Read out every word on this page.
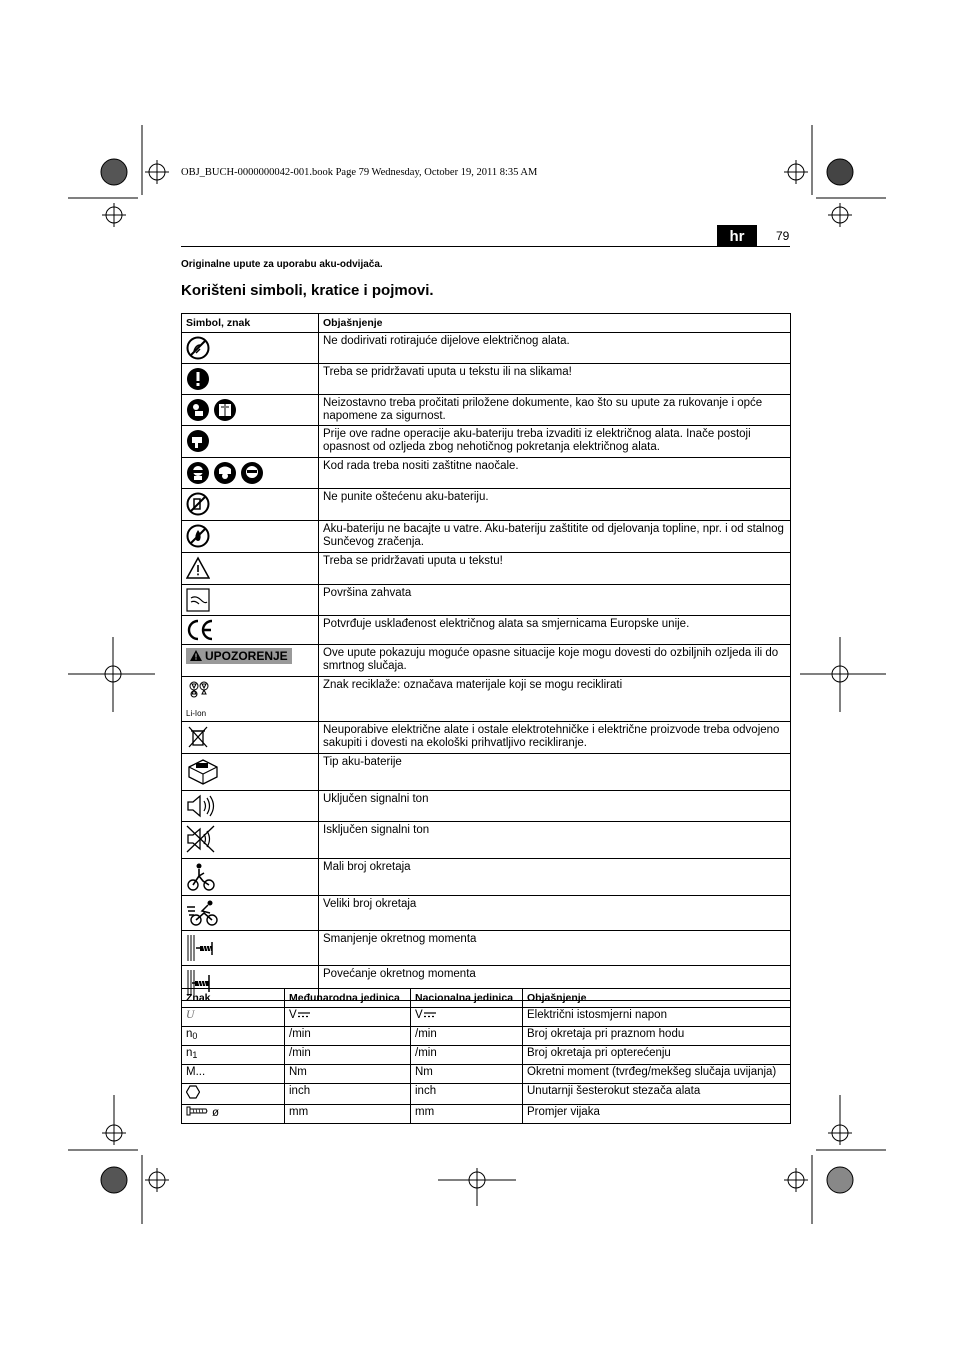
OBJ_BUCH-0000000042-001.book Page 79 Wednesday, October 19, 2011 8:35 AM
hr	79
Originalne upute za uporabu aku-odvijača.
Korišteni simboli, kratice i pojmovi.
Simbol, znak	Objašnjenje
	Ne dodirivati rotirajuće dijelove električnog alata.
	Treba se pridržavati uputa u tekstu ili na slikama!
	Neizostavno treba pročitati priložene dokumente, kao što su upute za rukovanje i opće napomene za sigurnost.
	Prije ove radne operacije aku-bateriju treba izvaditi iz električnog alata. Inače postoji opasnost od ozljeda zbog nehotičnog pokretanja električnog alata.
	Kod rada treba nositi zaštitne naočale.
	Ne punite oštećenu aku-bateriju.
	Aku-bateriju ne bacajte u vatre. Aku-bateriju zaštitite od djelovanja topline, npr. i od stalnog Sunčevog zračenja.
	Treba se pridržavati uputa u tekstu!
	Površina zahvata
	Potvrđuje usklađenost električnog alata sa smjernicama Europske unije.
UPOZORENJE	Ove upute pokazuju moguće opasne situacije koje mogu dovesti do ozbiljnih ozljeda ili do smrtnog slučaja.

Li-Ion	Znak reciklaže: označava materijale koji se mogu reciklirati
	Neuporabive električne alate i ostale elektrotehničke i električne proizvode treba odvojeno sakupiti i dovesti na ekološki prihvatljivo recikliranje.
	Tip aku-baterije
	Uključen signalni ton
	Isključen signalni ton
	Mali broj okretaja
	Veliki broj okretaja
	Smanjenje okretnog momenta
	Povećanje okretnog momenta
Znak	Međunarodna jedinica	Nacionalna jedinica	Objašnjenje
U	V	V	Električni istosmjerni napon
$n_0$	/min	/min	Broj okretaja pri praznom hodu
$n_1$	/min	/min	Broj okretaja pri opterećenju
M...	Nm	Nm	Okretni moment (tvrđeg/mekšeg slučaja uvijanja)
	inch	inch	Unutarnji šesterokut stezača alata
ø	mm	mm	Promjer vijaka
